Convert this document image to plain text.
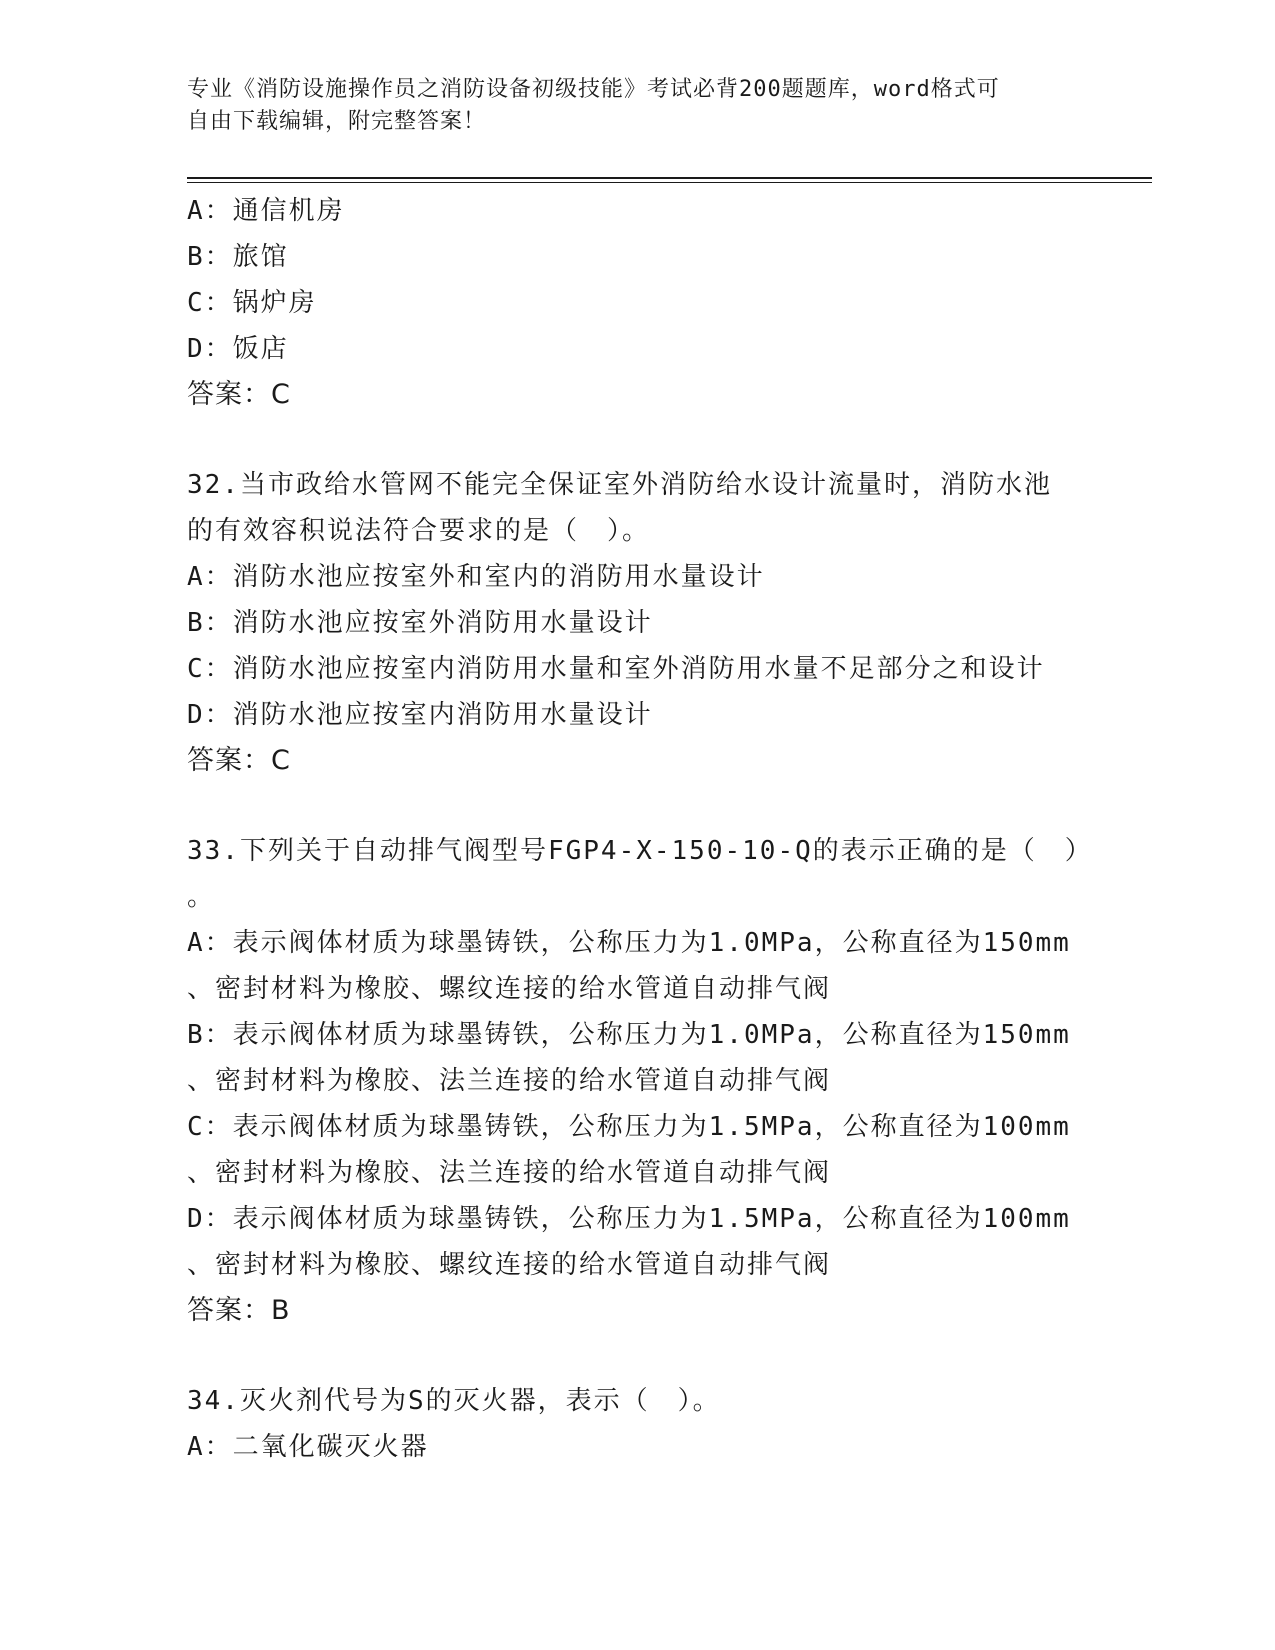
专业《消防设施操作员之消防设备初级技能》考试必背200题题库，word格式可
自由下载编辑，附完整答案！
A：通信机房
B：旅馆
C：锅炉房
D：饭店
答案：C
32.当市政给水管网不能完全保证室外消防给水设计流量时，消防水池
的有效容积说法符合要求的是（　）。
A：消防水池应按室外和室内的消防用水量设计
B：消防水池应按室外消防用水量设计
C：消防水池应按室内消防用水量和室外消防用水量不足部分之和设计
D：消防水池应按室内消防用水量设计
答案：C
33.下列关于自动排气阀型号FGP4-X-150-10-Q的表示正确的是（　）
。
A：表示阀体材质为球墨铸铁，公称压力为1.0MPa，公称直径为150mm
、密封材料为橡胶、螺纹连接的给水管道自动排气阀
B：表示阀体材质为球墨铸铁，公称压力为1.0MPa，公称直径为150mm
、密封材料为橡胶、法兰连接的给水管道自动排气阀
C：表示阀体材质为球墨铸铁，公称压力为1.5MPa，公称直径为100mm
、密封材料为橡胶、法兰连接的给水管道自动排气阀
D：表示阀体材质为球墨铸铁，公称压力为1.5MPa，公称直径为100mm
、密封材料为橡胶、螺纹连接的给水管道自动排气阀
答案：B
34.灭火剂代号为S的灭火器，表示（　）。
A：二氧化碳灭火器
